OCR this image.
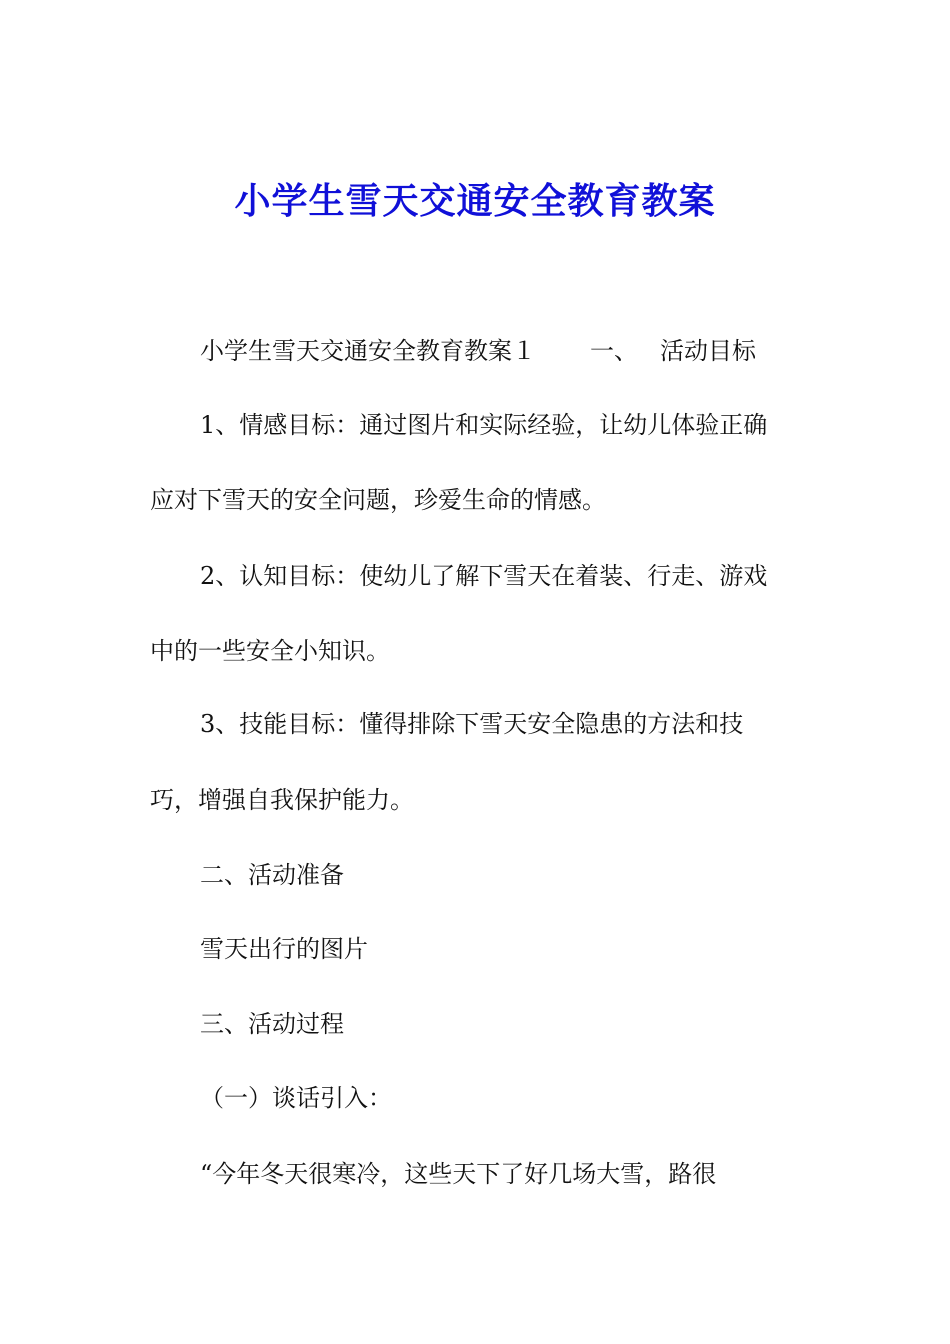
小学生雪天交通安全教育教案
小学生雪天交通安全教育教案１ 一、 活动目标
1、情感目标：通过图片和实际经验，让幼儿体验正确
应对下雪天的安全问题，珍爱生命的情感。
2、认知目标：使幼儿了解下雪天在着装、行走、游戏
中的一些安全小知识。
3、技能目标：懂得排除下雪天安全隐患的方法和技
巧，增强自我保护能力。
二、活动准备
雪天出行的图片
三、活动过程
（一）谈话引入：
“今年冬天很寒冷，这些天下了好几场大雪，路很
